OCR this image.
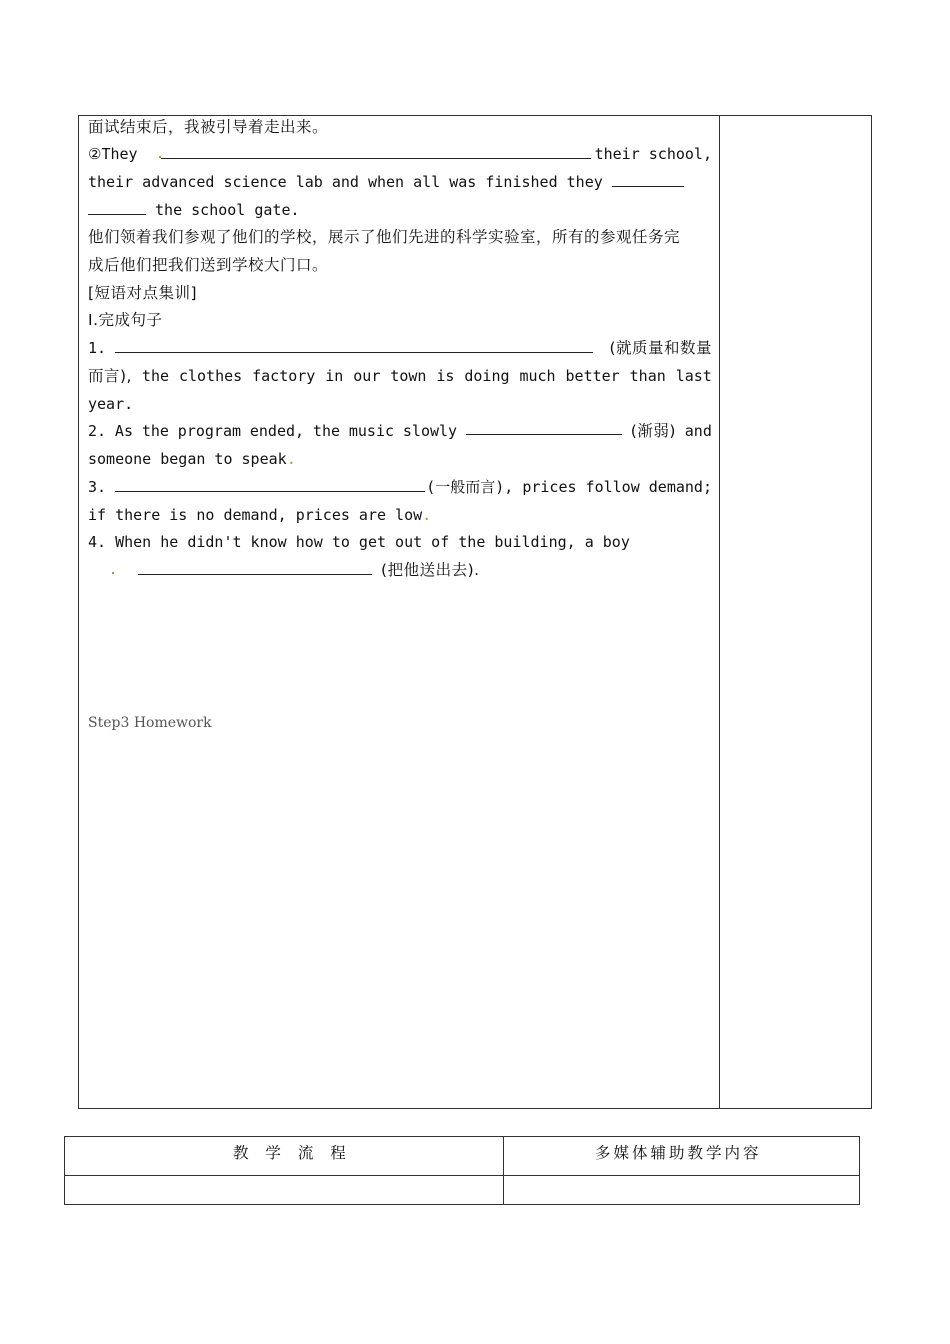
面试结束后，我被引导着走出来。
②They	their school,
their advanced science lab and when all was finished they
the school gate.
他们领着我们参观了他们的学校，展示了他们先进的科学实验室，所有的参观任务完
成后他们把我们送到学校大门口。
[短语对点集训]
Ⅰ.完成句子
1.	(就质量和数量
而言), the clothes factory in our town is doing much better than last
year.
2. As the program ended, the music slowly	(渐弱) and
someone began to speak.
3.	(一般而言), prices follow demand;
if there is no demand, prices are low.
4. When he didn't know how to get out of the building, a boy
(把他送出去).
Step3 Homework
教 学 流 程	多媒体辅助教学内容
